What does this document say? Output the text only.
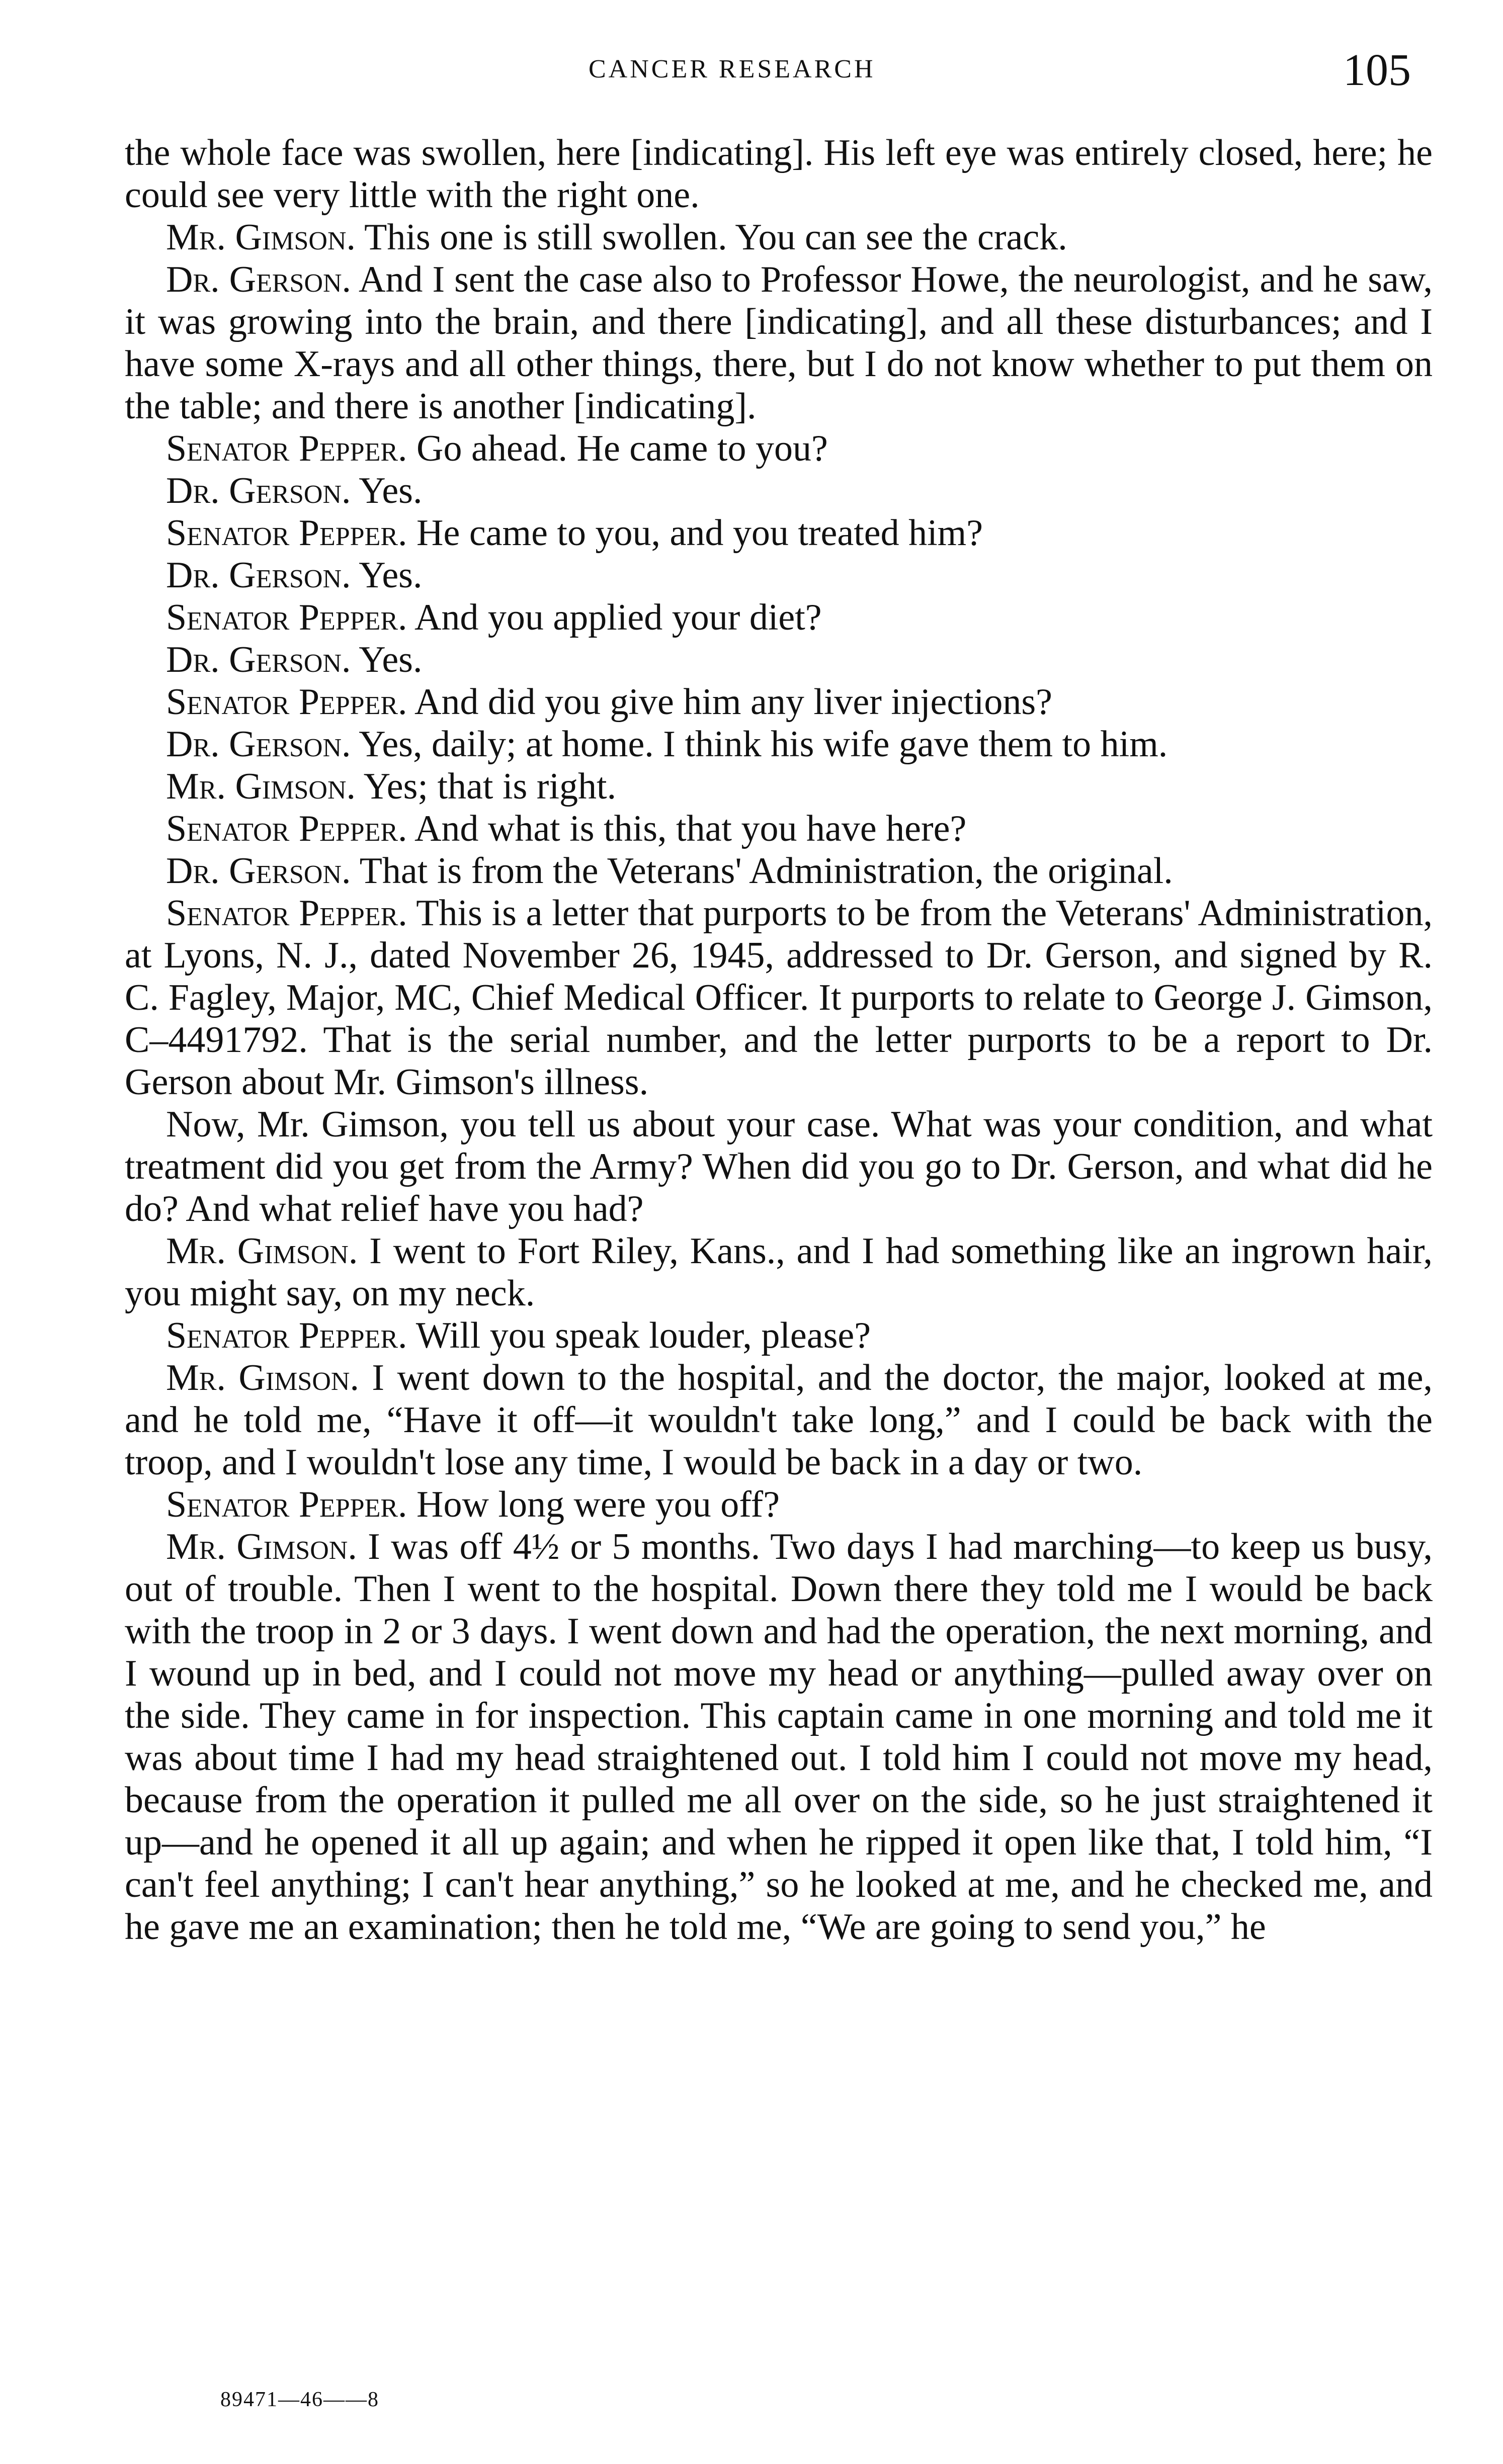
CANCER RESEARCH	105

the whole face was swollen, here [indicating]. His left eye was entirely closed, here; he could see very little with the right one.

Mr. Gimson. This one is still swollen. You can see the crack.

Dr. Gerson. And I sent the case also to Professor Howe, the neurologist, and he saw, it was growing into the brain, and there [indicating], and all these disturbances; and I have some X-rays and all other things, there, but I do not know whether to put them on the table; and there is another [indicating].

Senator Pepper. Go ahead. He came to you?

Dr. Gerson. Yes.

Senator Pepper. He came to you, and you treated him?

Dr. Gerson. Yes.

Senator Pepper. And you applied your diet?

Dr. Gerson. Yes.

Senator Pepper. And did you give him any liver injections?

Dr. Gerson. Yes, daily; at home. I think his wife gave them to him.

Mr. Gimson. Yes; that is right.

Senator Pepper. And what is this, that you have here?

Dr. Gerson. That is from the Veterans' Administration, the original.

Senator Pepper. This is a letter that purports to be from the Veterans' Administration, at Lyons, N. J., dated November 26, 1945, addressed to Dr. Gerson, and signed by R. C. Fagley, Major, MC, Chief Medical Officer. It purports to relate to George J. Gimson, C–4491792. That is the serial number, and the letter purports to be a report to Dr. Gerson about Mr. Gimson's illness.

Now, Mr. Gimson, you tell us about your case. What was your condition, and what treatment did you get from the Army? When did you go to Dr. Gerson, and what did he do? And what relief have you had?

Mr. Gimson. I went to Fort Riley, Kans., and I had something like an ingrown hair, you might say, on my neck.

Senator Pepper. Will you speak louder, please?

Mr. Gimson. I went down to the hospital, and the doctor, the major, looked at me, and he told me, “Have it off—it wouldn't take long,” and I could be back with the troop, and I wouldn't lose any time, I would be back in a day or two.

Senator Pepper. How long were you off?

Mr. Gimson. I was off 4½ or 5 months. Two days I had marching—to keep us busy, out of trouble. Then I went to the hospital. Down there they told me I would be back with the troop in 2 or 3 days. I went down and had the operation, the next morning, and I wound up in bed, and I could not move my head or anything—pulled away over on the side. They came in for inspection. This captain came in one morning and told me it was about time I had my head straightened out. I told him I could not move my head, because from the operation it pulled me all over on the side, so he just straightened it up—and he opened it all up again; and when he ripped it open like that, I told him, “I can't feel anything; I can't hear anything,” so he looked at me, and he checked me, and he gave me an examination; then he told me, “We are going to send you,” he

89471—46——8
